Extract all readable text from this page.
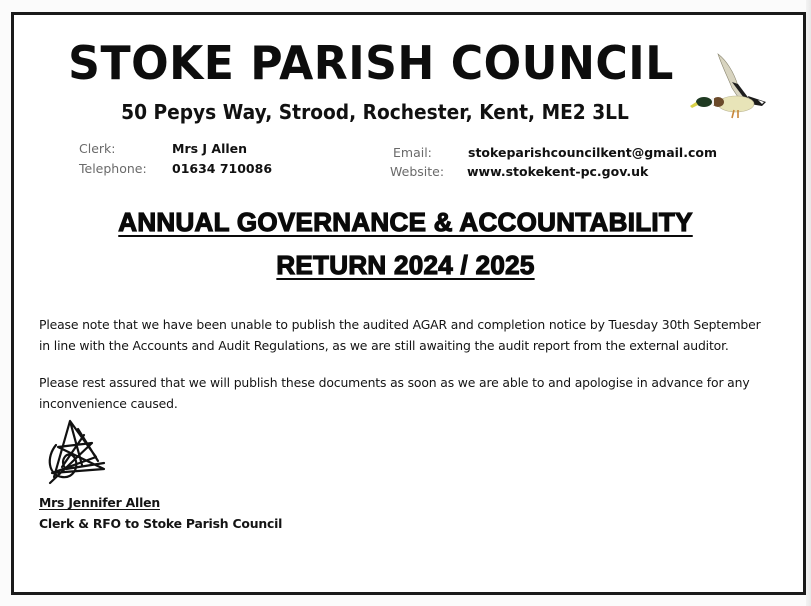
STOKE PARISH COUNCIL
50 Pepys Way, Strood, Rochester, Kent, ME2 3LL
Clerk:	Mrs J Allen
Telephone: 01634 710086
Email:	stokeparishcouncilkent@gmail.com
Website: www.stokekent-pc.gov.uk
ANNUAL GOVERNANCE & ACCOUNTABILITY
RETURN 2024 / 2025
Please note that we have been unable to publish the audited AGAR and completion notice by Tuesday 30th September
in line with the Accounts and Audit Regulations, as we are still awaiting the audit report from the external auditor.
Please rest assured that we will publish these documents as soon as we are able to and apologise in advance for any
inconvenience caused.
Mrs Jennifer Allen
Clerk & RFO to Stoke Parish Council
